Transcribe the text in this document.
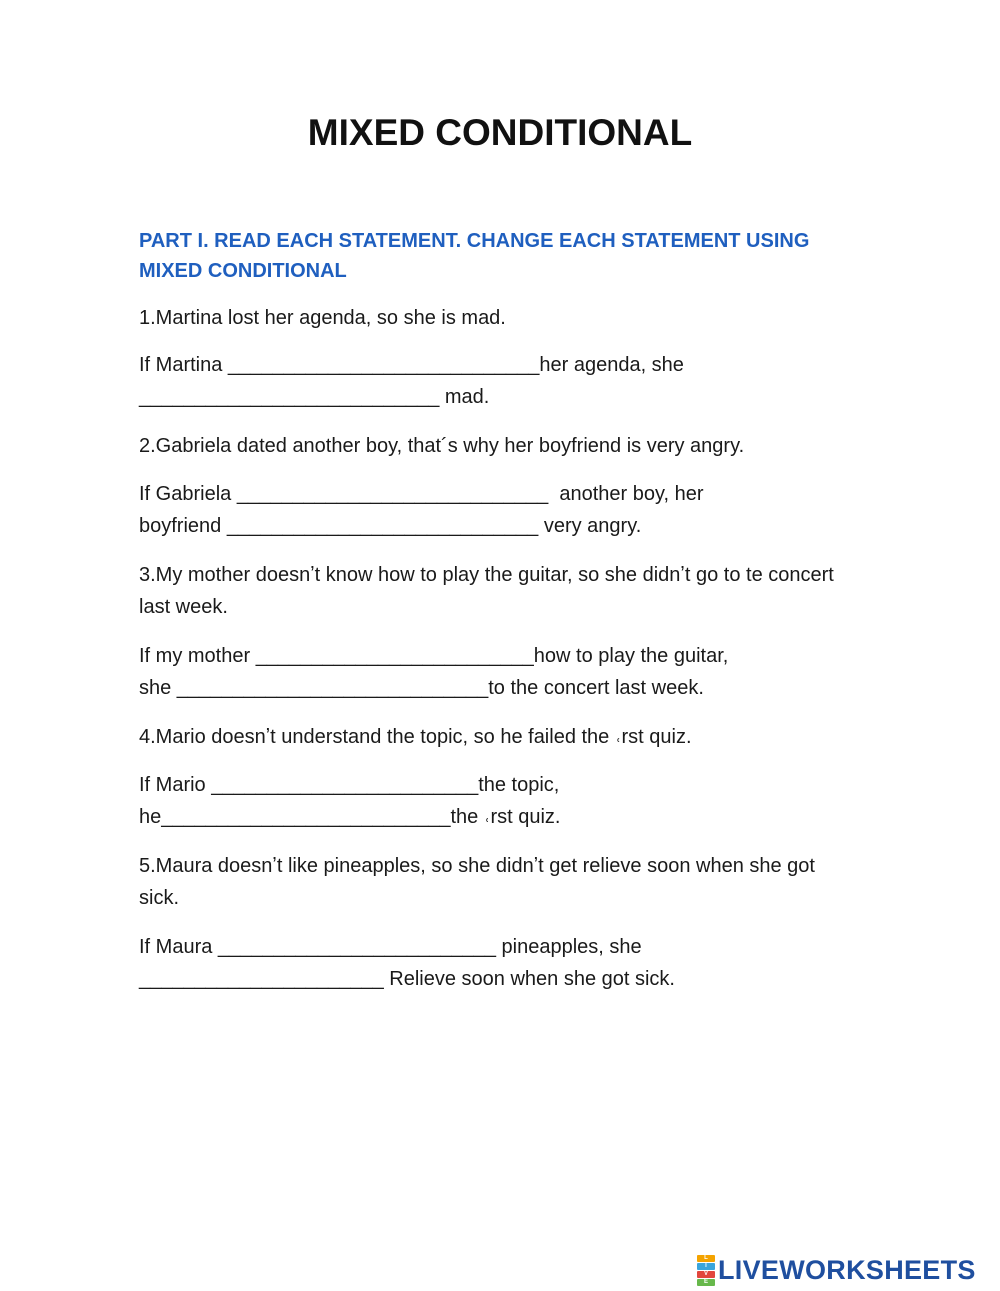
MIXED CONDITIONAL
PART I. READ EACH STATEMENT. CHANGE EACH STATEMENT USING MIXED CONDITIONAL
1.Martina lost her agenda, so she is mad.
If Martina ____________________________her agenda, she
___________________________ mad.
2.Gabriela dated another boy, that´s why her boyfriend is very angry.
If Gabriela ____________________________  another boy, her
boyfriend ____________________________ very angry.
3.My mother doesnʼt know how to play the guitar, so she didnʼt go to te concert last week.
If my mother _________________________how to play the guitar,
she ____________________________to the concert last week.
4.Mario doesnʼt understand the topic, so he failed the ˓rst quiz.
If Mario ________________________the topic,
he__________________________the ˓rst quiz.
5.Maura doesnʼt like pineapples, so she didnʼt get relieve soon when she got sick.
If Maura _________________________ pineapples, she
______________________ Relieve soon when she got sick.
L
I
V
E LIVEWORKSHEETS
